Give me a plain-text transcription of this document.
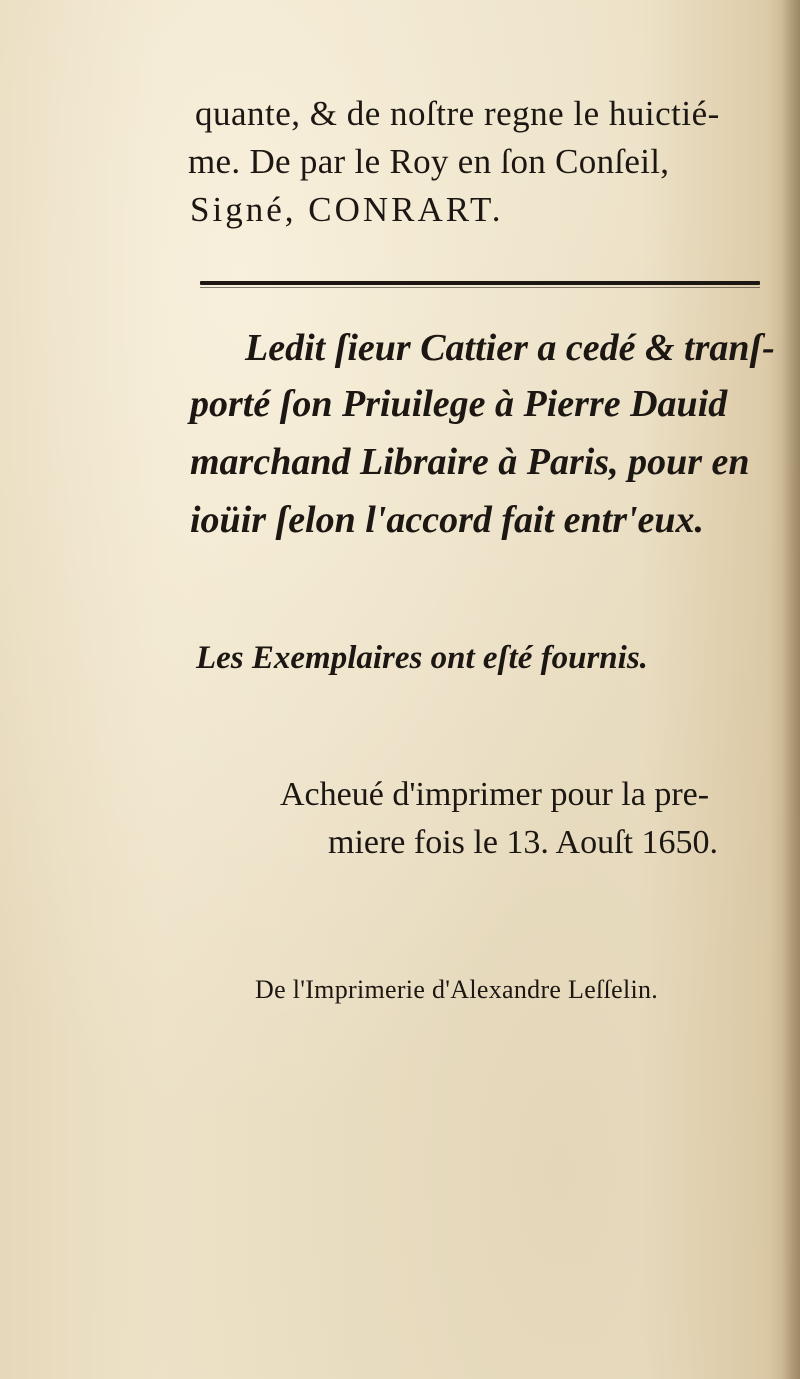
quante, & de noſtre regne le huictié-

me. De par le Roy en ſon Conſeil,

Signé, CONRART.

Ledit ſieur Cattier a cedé & tranſ-

porté ſon Priuilege à Pierre Dauid

marchand Libraire à Paris, pour en

ioüir ſelon l'accord fait entr'eux.

Les Exemplaires ont eſté fournis.

Acheué d'imprimer pour la pre-

miere fois le 13. Aouſt 1650.

De l'Imprimerie d'Alexandre Leſſelin.
